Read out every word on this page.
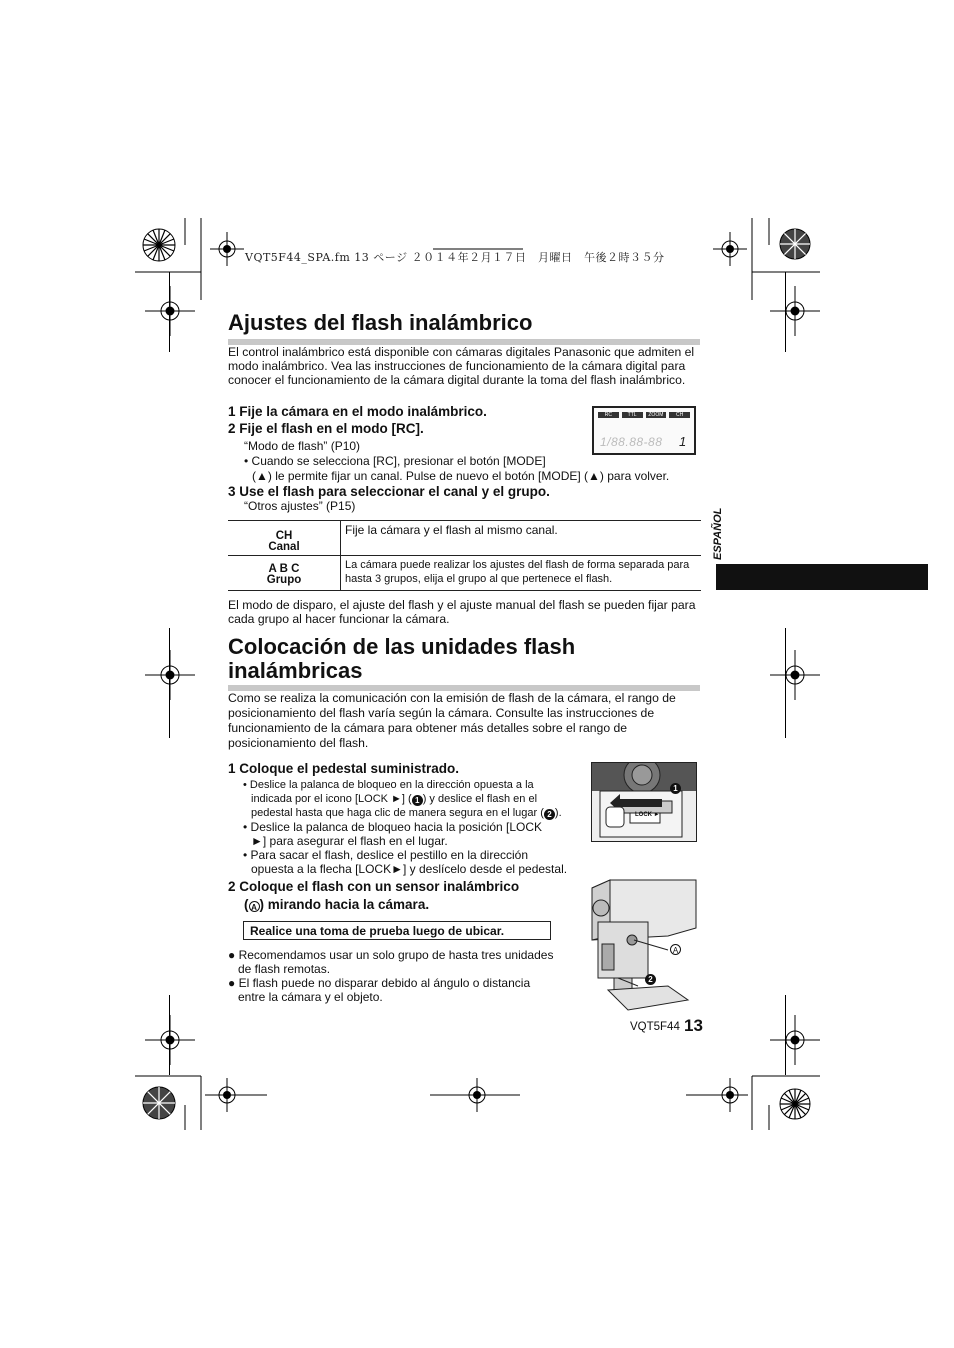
VQT5F44_SPA.fm 13 ページ ２０１４年２月１７日　月曜日　午後２時３５分
Ajustes del flash inalámbrico
El control inalámbrico está disponible con cámaras digitales Panasonic que admiten el modo inalámbrico. Vea las instrucciones de funcionamiento de la cámara digital para conocer el funcionamiento de la cámara digital durante la toma del flash inalámbrico.
1 Fije la cámara en el modo inalámbrico.
2 Fije el flash en el modo [RC].
“Modo de flash” (P10)
• Cuando se selecciona [RC], presionar el botón [MODE]
(▲) le permite fijar un canal. Pulse de nuevo el botón [MODE] (▲) para volver.
3 Use el flash para seleccionar el canal y el grupo.
“Otros ajustes” (P15)
RC	TTL	ZOOM	CH
1/88.88-88 1
CH
Canal	Fije la cámara y el flash al mismo canal.

A B C
Grupo	La cámara puede realizar los ajustes del flash de forma separada para hasta 3 grupos, elija el grupo al que pertenece el flash.
El modo de disparo, el ajuste del flash y el ajuste manual del flash se pueden fijar para cada grupo al hacer funcionar la cámara.
ESPAÑOL
Colocación de las unidades flash
inalámbricas
Como se realiza la comunicación con la emisión de flash de la cámara, el rango de posicionamiento del flash varía según la cámara. Consulte las instrucciones de funcionamiento de la cámara para obtener más detalles sobre el rango de posicionamiento del flash.
1 Coloque el pedestal suministrado.
• Deslice la palanca de bloqueo en la dirección opuesta a la
indicada por el icono [LOCK ►] ( 1 ) y deslice el flash en el
pedestal hasta que haga clic de manera segura en el lugar ( 2 ).
• Deslice la palanca de bloqueo hacia la posición [LOCK
►] para asegurar el flash en el lugar.
• Para sacar el flash, deslice el pestillo en la dirección
opuesta a la flecha [LOCK►] y deslícelo desde el pedestal.
2 Coloque el flash con un sensor inalámbrico
( A ) mirando hacia la cámara.
Realice una toma de prueba luego de ubicar.
● Recomendamos usar un solo grupo de hasta tres unidades
de flash remotas.
● El flash puede no disparar debido al ángulo o distancia
entre la cámara y el objeto.
1
LOCK ►
A
2
VQT5F44 13
